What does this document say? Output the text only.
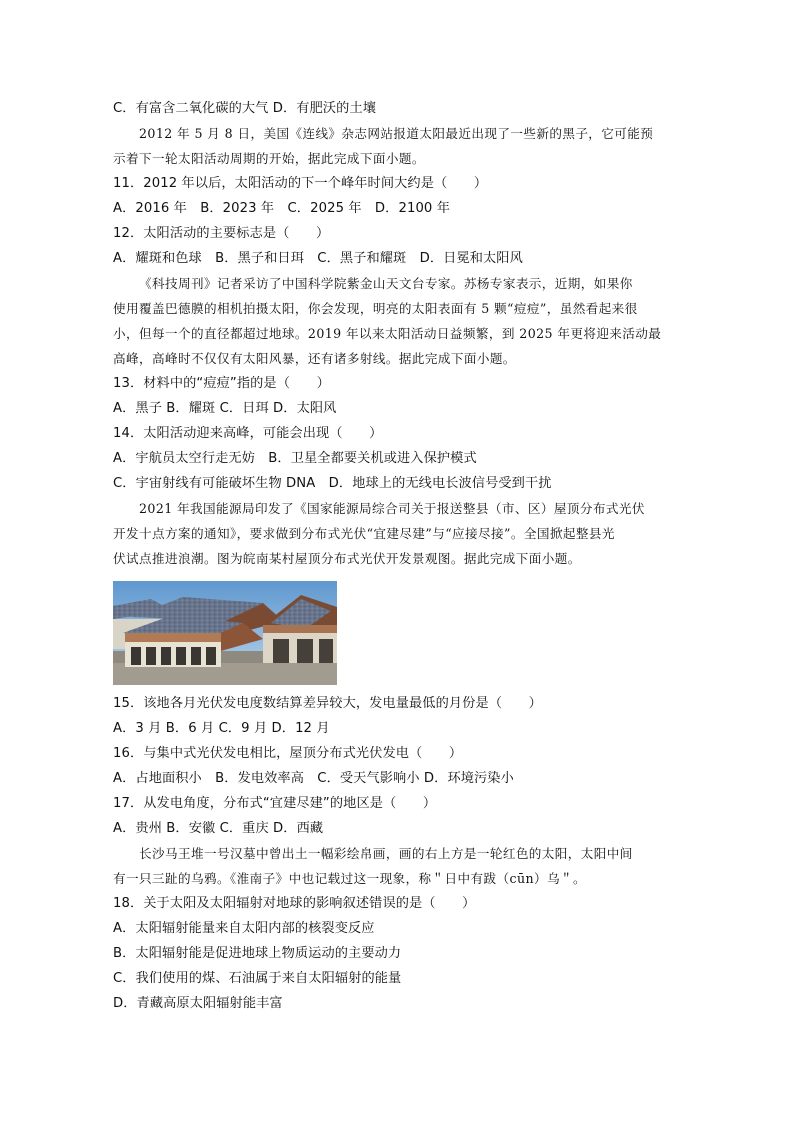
C．有富含二氧化碳的大气 D．有肥沃的土壤
2012 年 5 月 8 日，美国《连线》杂志网站报道太阳最近出现了一些新的黑子，它可能预
示着下一轮太阳活动周期的开始，据此完成下面小题。
11．2012 年以后，太阳活动的下一个峰年时间大约是（　　）
A．2016 年　B．2023 年　C．2025 年　D．2100 年
12．太阳活动的主要标志是（　　）
A．耀斑和色球　B．黑子和日珥　C．黑子和耀斑　D．日冕和太阳风
《科技周刊》记者采访了中国科学院紫金山天文台专家。苏杨专家表示，近期，如果你
使用覆盖巴德膜的相机拍摄太阳，你会发现，明亮的太阳表面有 5 颗“痘痘”，虽然看起来很
小，但每一个的直径都超过地球。2019 年以来太阳活动日益频繁，到 2025 年更将迎来活动最
高峰，高峰时不仅仅有太阳风暴，还有诸多射线。据此完成下面小题。
13．材料中的“痘痘”指的是（　　）
A．黑子 B．耀斑 C．日珥 D．太阳风
14．太阳活动迎来高峰，可能会出现（　　）
A．宇航员太空行走无妨　B．卫星全都要关机或进入保护模式
C．宇宙射线有可能破坏生物 DNA　D．地球上的无线电长波信号受到干扰
2021 年我国能源局印发了《国家能源局综合司关于报送整县（市、区）屋顶分布式光伏
开发十点方案的通知》，要求做到分布式光伏“宜建尽建”与“应接尽接”。全国掀起整县光
伏试点推进浪潮。图为皖南某村屋顶分布式光伏开发景观图。据此完成下面小题。
15．该地各月光伏发电度数结算差异较大，发电量最低的月份是（　　）
A．3 月 B．6 月 C．9 月 D．12 月
16．与集中式光伏发电相比，屋顶分布式光伏发电（　　）
A．占地面积小　B．发电效率高　C．受天气影响小 D．环境污染小
17．从发电角度，分布式“宜建尽建”的地区是（　　）
A．贵州 B．安徽 C．重庆 D．西藏
长沙马王堆一号汉墓中曾出土一幅彩绘帛画，画的右上方是一轮红色的太阳，太阳中间
有一只三趾的乌鸦。《淮南子》中也记载过这一现象，称＂日中有跋（cūn）乌＂。
18．关于太阳及太阳辐射对地球的影响叙述错误的是（　　）
A．太阳辐射能量来自太阳内部的核裂变反应
B．太阳辐射能是促进地球上物质运动的主要动力
C．我们使用的煤、石油属于来自太阳辐射的能量
D．青藏高原太阳辐射能丰富
